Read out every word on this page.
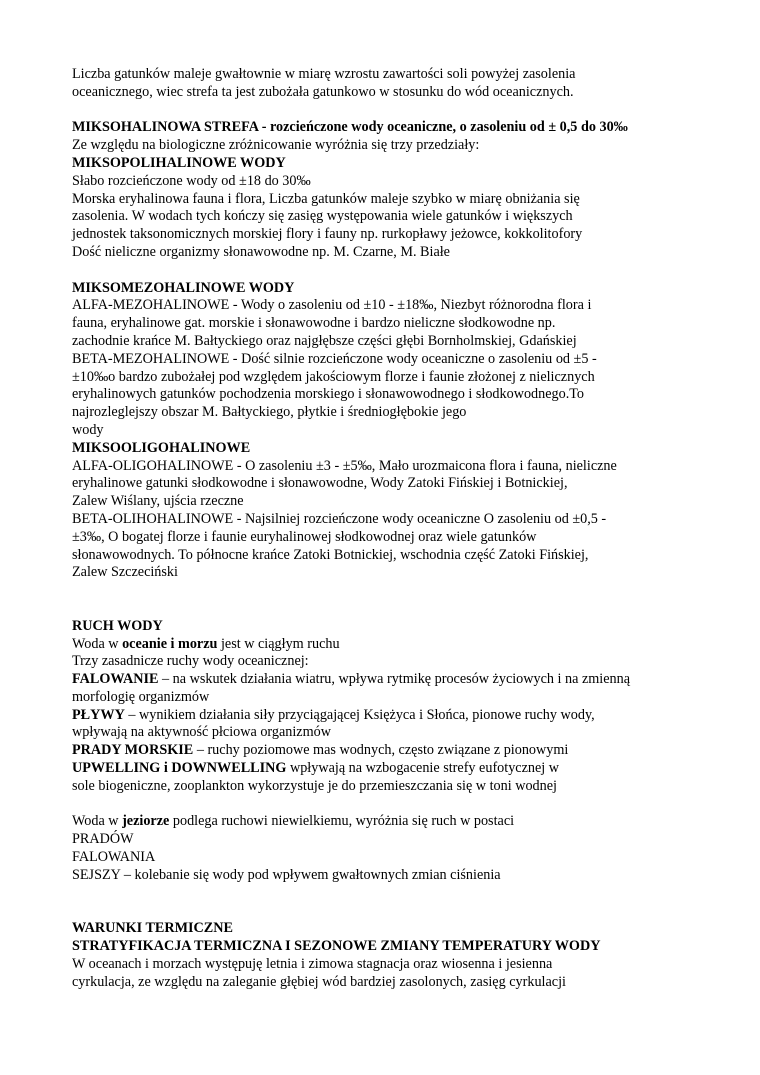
Liczba gatunków maleje gwałtownie w miarę wzrostu zawartości soli powyżej zasolenia
oceanicznego, wiec strefa ta jest zubożała gatunkowo w stosunku do wód oceanicznych.
MIKSOHALINOWA STREFA - rozcieńczone wody oceaniczne, o zasoleniu od ± 0,5 do 30‰
Ze względu na biologiczne zróżnicowanie wyróżnia się trzy przedziały:
MIKSOPOLIHALINOWE WODY
Słabo rozcieńczone wody od ±18 do 30‰
Morska eryhalinowa fauna i flora, Liczba gatunków maleje szybko w miarę obniżania się
zasolenia. W wodach tych kończy się zasięg występowania wiele gatunków i większych
jednostek taksonomicznych morskiej flory i fauny np. rurkopławy jeżowce, kokkolitofory
Dość nieliczne organizmy słonawowodne np. M. Czarne, M. Białe
MIKSOMEZOHALINOWE WODY
ALFA-MEZOHALINOWE - Wody o zasoleniu od ±10 - ±18‰, Niezbyt różnorodna flora i
fauna, eryhalinowe gat. morskie i słonawowodne i bardzo nieliczne słodkowodne np.
zachodnie krańce M. Bałtyckiego oraz najgłębsze części głębi Bornholmskiej, Gdańskiej
BETA-MEZOHALINOWE - Dość silnie rozcieńczone wody oceaniczne o zasoleniu od ±5 -
±10‰o bardzo zubożałej pod względem jakościowym florze i faunie złożonej z nielicznych
eryhalinowych gatunków pochodzenia morskiego i słonawowodnego i słodkowodnego.To
najrozleglejszy obszar M. Bałtyckiego, płytkie i średniogłębokie jego
wody
MIKSOOLIGOHALINOWE
ALFA-OLIGOHALINOWE - O zasoleniu ±3 - ±5‰, Mało urozmaicona flora i fauna, nieliczne
eryhalinowe gatunki słodkowodne i słonawowodne, Wody Zatoki Fińskiej i Botnickiej,
Zalew Wiślany, ujścia rzeczne
BETA-OLIHOHALINOWE - Najsilniej rozcieńczone wody oceaniczne O zasoleniu od ±0,5 -
±3‰, O bogatej florze i faunie euryhalinowej słodkowodnej oraz wiele gatunków
słonawowodnych. To północne krańce Zatoki Botnickiej, wschodnia część Zatoki Fińskiej,
Zalew Szczeciński
RUCH WODY
Woda w oceanie i morzu jest w ciągłym ruchu
Trzy zasadnicze ruchy wody oceanicznej:
FALOWANIE – na wskutek działania wiatru, wpływa rytmikę procesów życiowych i na zmienną
morfologię organizmów
PŁYWY – wynikiem działania siły przyciągającej Księżyca i Słońca, pionowe ruchy wody,
wpływają na aktywność płciowa organizmów
PRADY MORSKIE – ruchy poziomowe mas wodnych, często związane z pionowymi
UPWELLING i DOWNWELLING wpływają na wzbogacenie strefy eufotycznej w
sole biogeniczne, zooplankton wykorzystuje je do przemieszczania się w toni wodnej
Woda w jeziorze podlega ruchowi niewielkiemu, wyróżnia się ruch w postaci
PRADÓW
FALOWANIA
SEJSZY – kolebanie się wody pod wpływem gwałtownych zmian ciśnienia
WARUNKI TERMICZNE
STRATYFIKACJA TERMICZNA I SEZONOWE ZMIANY TEMPERATURY WODY
W oceanach i morzach występuję letnia i zimowa stagnacja oraz wiosenna i jesienna
cyrkulacja, ze względu na zaleganie głębiej wód bardziej zasolonych, zasięg cyrkulacji
